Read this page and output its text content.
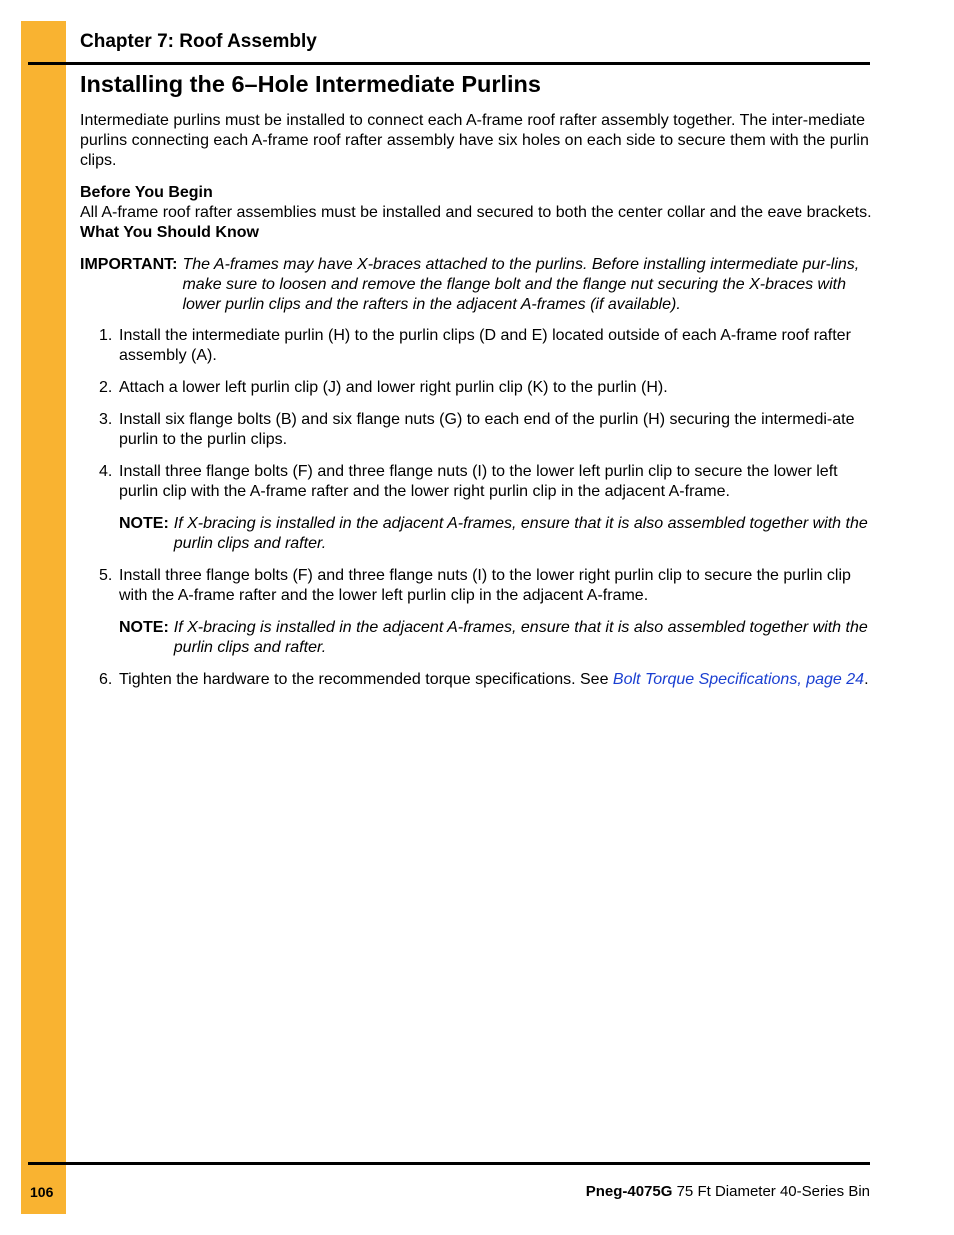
Chapter 7: Roof Assembly
Installing the 6–Hole Intermediate Purlins

Intermediate purlins must be installed to connect each A-frame roof rafter assembly together. The inter-mediate purlins connecting each A-frame roof rafter assembly have six holes on each side to secure them with the purlin clips.

Before You Begin

All A-frame roof rafter assemblies must be installed and secured to both the center collar and the eave brackets.

What You Should Know

IMPORTANT: The A-frames may have X-braces attached to the purlins. Before installing intermediate pur-lins, make sure to loosen and remove the flange bolt and the flange nut securing the X-braces with lower purlin clips and the rafters in the adjacent A-frames (if available).
1. Install the intermediate purlin (H) to the purlin clips (D and E) located outside of each A-frame roof rafter assembly (A).
2. Attach a lower left purlin clip (J) and lower right purlin clip (K) to the purlin (H).
3. Install six flange bolts (B) and six flange nuts (G) to each end of the purlin (H) securing the intermedi-ate purlin to the purlin clips.
4. Install three flange bolts (F) and three flange nuts (I) to the lower left purlin clip to secure the lower left purlin clip with the A-frame rafter and the lower right purlin clip in the adjacent A-frame.
NOTE: If X-bracing is installed in the adjacent A-frames, ensure that it is also assembled together with the purlin clips and rafter.
5. Install three flange bolts (F) and three flange nuts (I) to the lower right purlin clip to secure the purlin clip with the A-frame rafter and the lower left purlin clip in the adjacent A-frame.
NOTE: If X-bracing is installed in the adjacent A-frames, ensure that it is also assembled together with the purlin clips and rafter.
6. Tighten the hardware to the recommended torque specifications. See Bolt Torque Specifications, page 24.
106	Pneg-4075G 75 Ft Diameter 40-Series Bin
